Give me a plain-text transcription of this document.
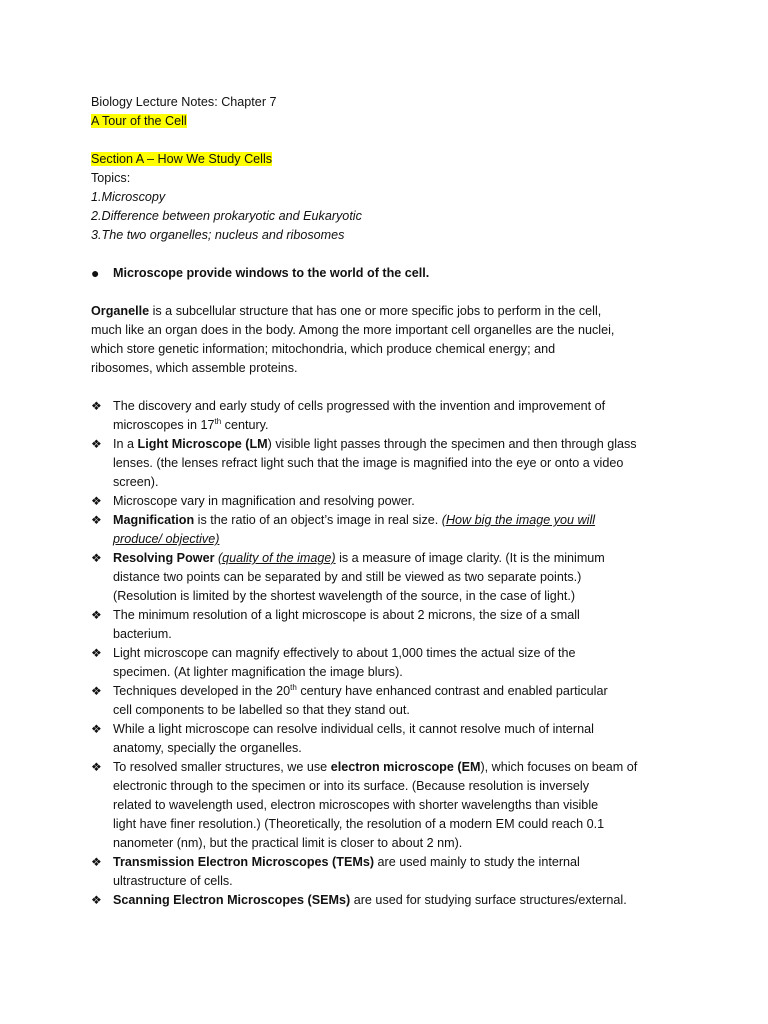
Biology Lecture Notes: Chapter 7
A Tour of the Cell
Section A – How We Study Cells
Topics:
1.Microscopy
2.Difference between prokaryotic and Eukaryotic
3.The two organelles; nucleus and ribosomes
●	Microscope provide windows to the world of the cell.
Organelle is a subcellular structure that has one or more specific jobs to perform in the cell,
much like an organ does in the body. Among the more important cell organelles are the nuclei,
which store genetic information; mitochondria, which produce chemical energy; and
ribosomes, which assemble proteins.
❖ The discovery and early study of cells progressed with the invention and improvement of
microscopes in 17th century.
❖ In a Light Microscope (LM) visible light passes through the specimen and then through glass
lenses. (the lenses refract light such that the image is magnified into the eye or onto a video
screen).
❖ Microscope vary in magnification and resolving power.
❖ Magnification is the ratio of an object’s image in real size. (How big the image you will
produce/ objective)
❖ Resolving Power (quality of the image) is a measure of image clarity. (It is the minimum
distance two points can be separated by and still be viewed as two separate points.)
(Resolution is limited by the shortest wavelength of the source, in the case of light.)
❖ The minimum resolution of a light microscope is about 2 microns, the size of a small
bacterium.
❖ Light microscope can magnify effectively to about 1,000 times the actual size of the
specimen. (At lighter magnification the image blurs).
❖ Techniques developed in the 20th century have enhanced contrast and enabled particular
cell components to be labelled so that they stand out.
❖ While a light microscope can resolve individual cells, it cannot resolve much of internal
anatomy, specially the organelles.
❖ To resolved smaller structures, we use electron microscope (EM), which focuses on beam of
electronic through to the specimen or into its surface. (Because resolution is inversely
related to wavelength used, electron microscopes with shorter wavelengths than visible
light have finer resolution.) (Theoretically, the resolution of a modern EM could reach 0.1
nanometer (nm), but the practical limit is closer to about 2 nm).
❖ Transmission Electron Microscopes (TEMs) are used mainly to study the internal
ultrastructure of cells.
❖ Scanning Electron Microscopes (SEMs) are used for studying surface structures/external.
